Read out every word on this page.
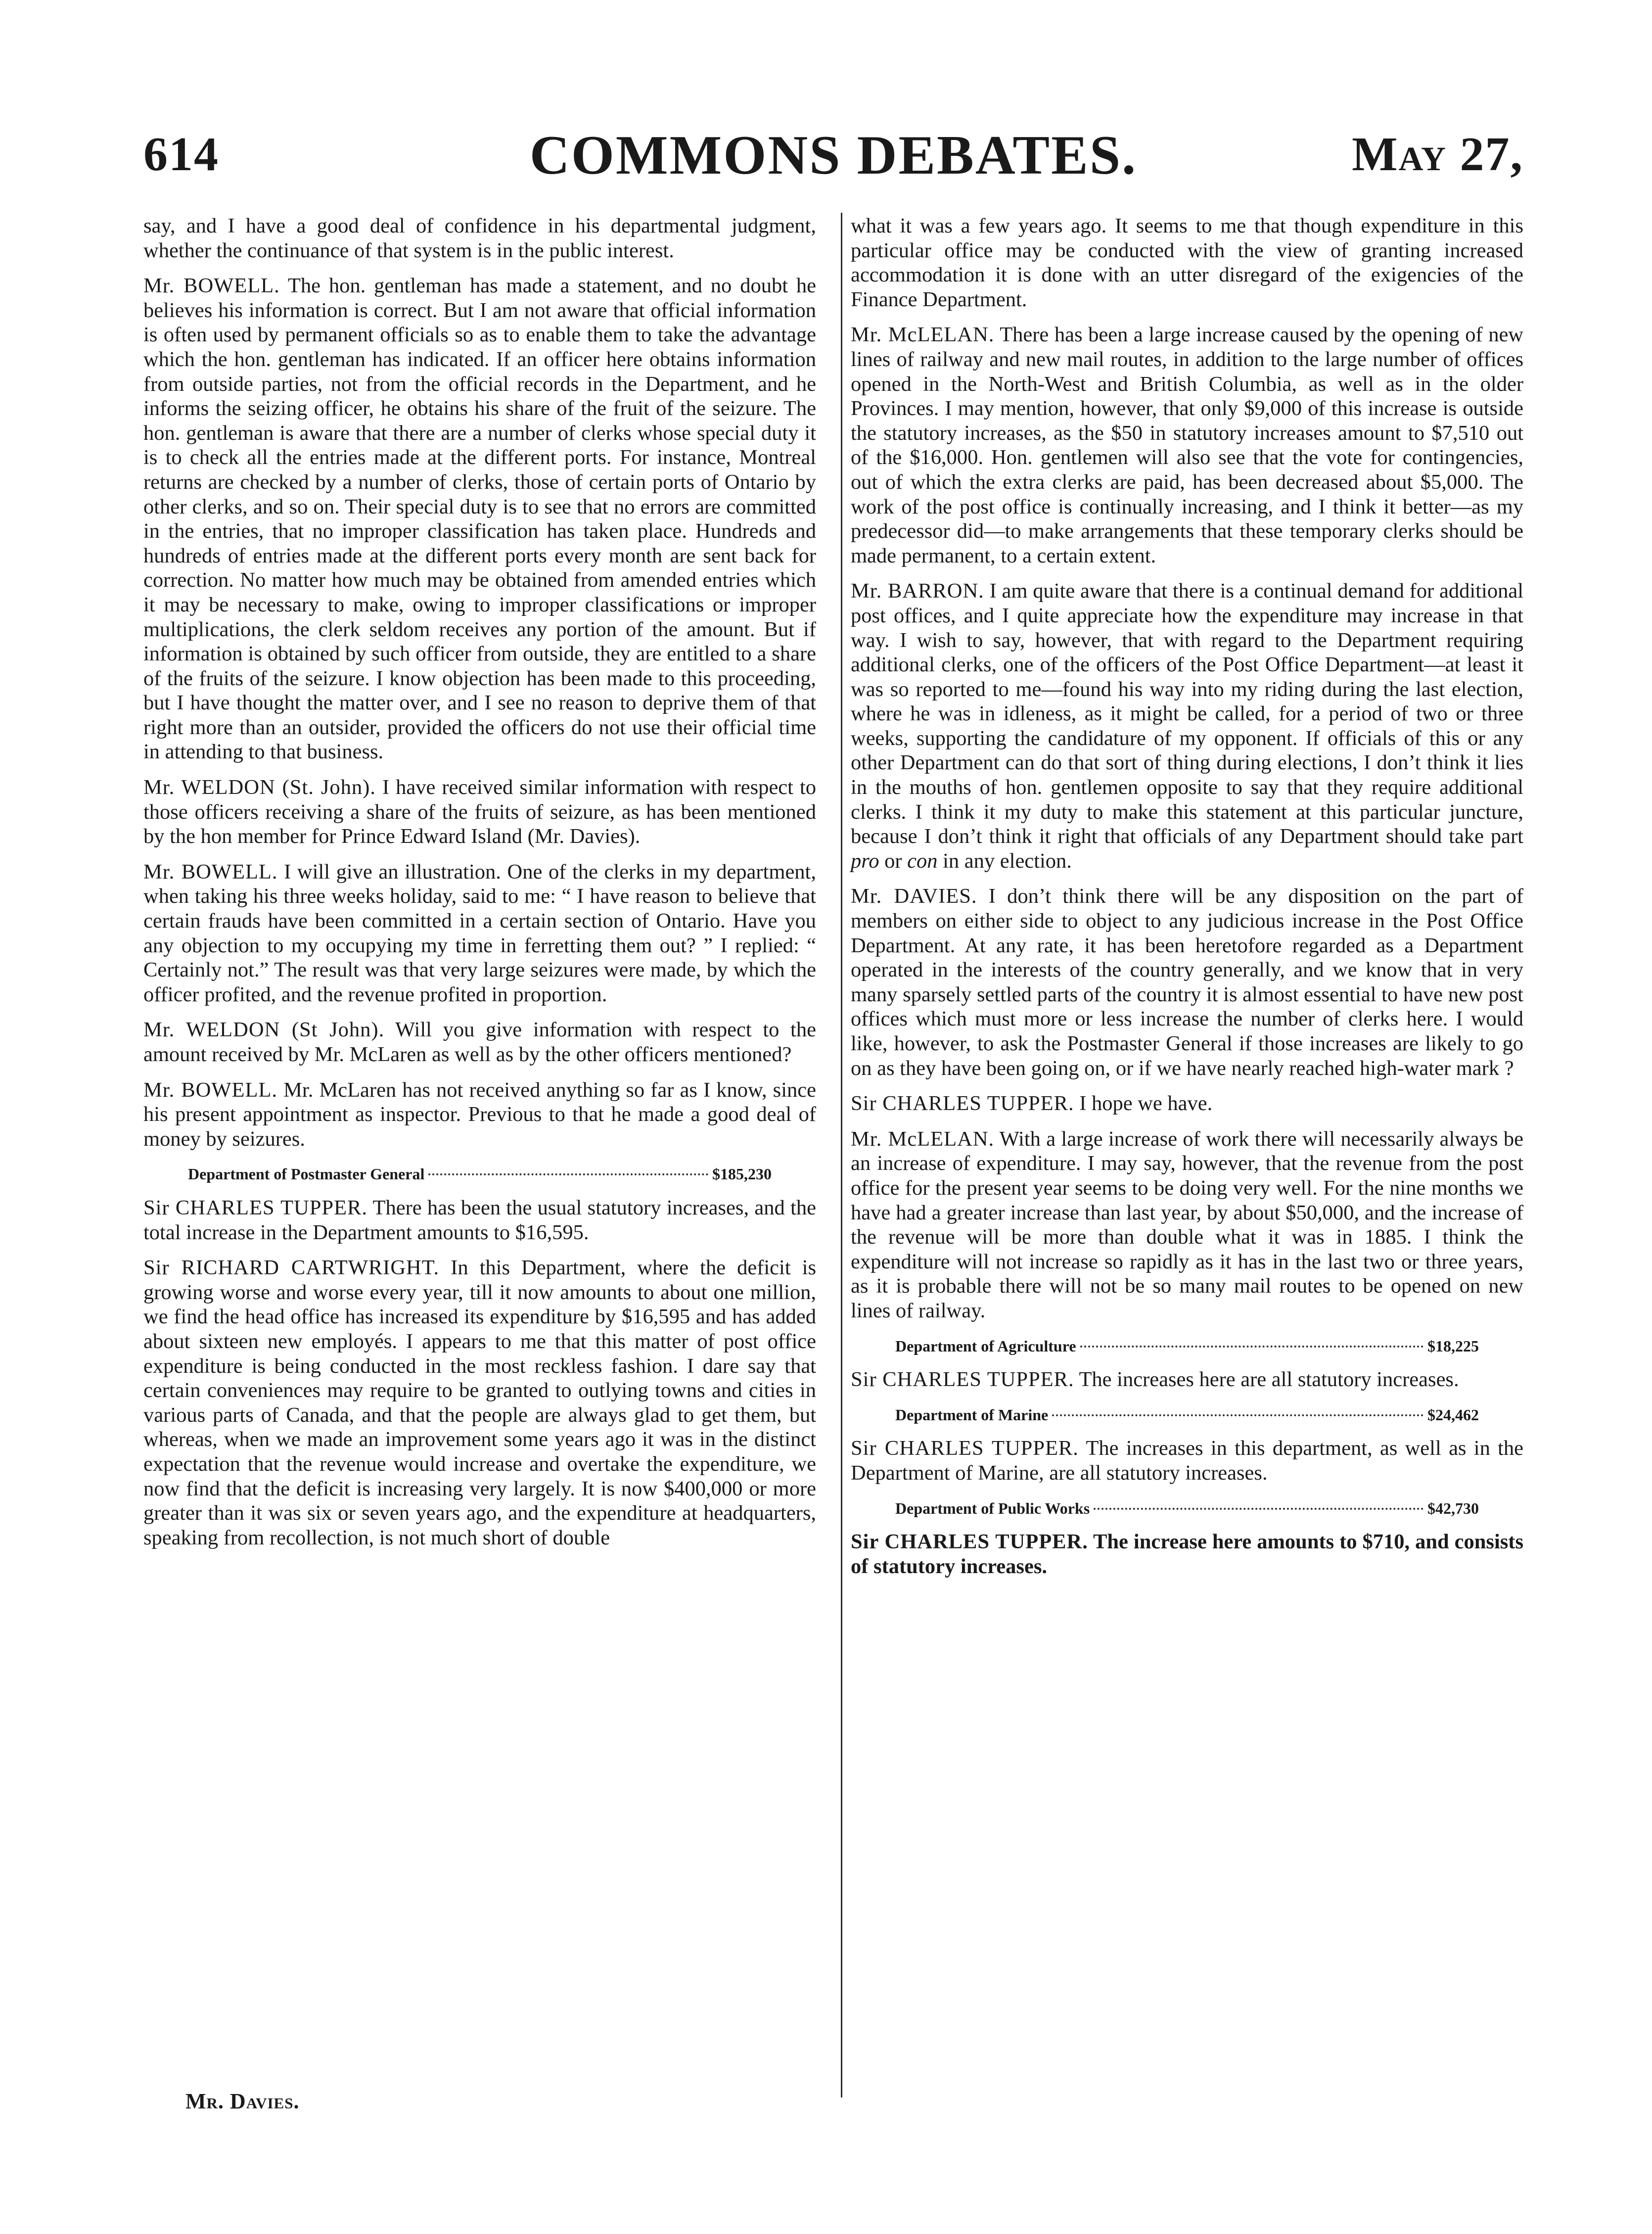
614	COMMONS DEBATES.	May 27,

say, and I have a good deal of confidence in his departmental judgment, whether the continuance of that system is in the public interest.

Mr. BOWELL. The hon. gentleman has made a statement, and no doubt he believes his information is correct. But I am not aware that official information is often used by permanent officials so as to enable them to take the advantage which the hon. gentleman has indicated. If an officer here obtains information from outside parties, not from the official records in the Department, and he informs the seizing officer, he obtains his share of the fruit of the seizure. The hon. gentleman is aware that there are a number of clerks whose special duty it is to check all the entries made at the different ports. For instance, Montreal returns are checked by a number of clerks, those of certain ports of Ontario by other clerks, and so on. Their special duty is to see that no errors are committed in the entries, that no improper classification has taken place. Hundreds and hundreds of entries made at the different ports every month are sent back for correction. No matter how much may be obtained from amended entries which it may be necessary to make, owing to improper classifications or improper multiplications, the clerk seldom receives any portion of the amount. But if information is obtained by such officer from outside, they are entitled to a share of the fruits of the seizure. I know objection has been made to this proceeding, but I have thought the matter over, and I see no reason to deprive them of that right more than an outsider, provided the officers do not use their official time in attending to that business.

Mr. WELDON (St. John). I have received similar information with respect to those officers receiving a share of the fruits of seizure, as has been mentioned by the hon member for Prince Edward Island (Mr. Davies).

Mr. BOWELL. I will give an illustration. One of the clerks in my department, when taking his three weeks holiday, said to me: “ I have reason to believe that certain frauds have been committed in a certain section of Ontario. Have you any objection to my occupying my time in ferretting them out? ” I replied: “ Certainly not.” The result was that very large seizures were made, by which the officer profited, and the revenue profited in proportion.

Mr. WELDON (St John). Will you give information with respect to the amount received by Mr. McLaren as well as by the other officers mentioned?

Mr. BOWELL. Mr. McLaren has not received anything so far as I know, since his present appointment as inspector. Previous to that he made a good deal of money by seizures.

Department of Postmaster General	$185,230

Sir CHARLES TUPPER. There has been the usual statutory increases, and the total increase in the Department amounts to $16,595.

Sir RICHARD CARTWRIGHT. In this Department, where the deficit is growing worse and worse every year, till it now amounts to about one million, we find the head office has increased its expenditure by $16,595 and has added about sixteen new employés. I appears to me that this matter of post office expenditure is being conducted in the most reckless fashion. I dare say that certain conveniences may require to be granted to outlying towns and cities in various parts of Canada, and that the people are always glad to get them, but whereas, when we made an improvement some years ago it was in the distinct expectation that the revenue would increase and overtake the expenditure, we now find that the deficit is increasing very largely. It is now $400,000 or more greater than it was six or seven years ago, and the expenditure at headquarters, speaking from recollection, is not much short of double

what it was a few years ago. It seems to me that though expenditure in this particular office may be conducted with the view of granting increased accommodation it is done with an utter disregard of the exigencies of the Finance Department.

Mr. McLELAN. There has been a large increase caused by the opening of new lines of railway and new mail routes, in addition to the large number of offices opened in the North-West and British Columbia, as well as in the older Provinces. I may mention, however, that only $9,000 of this increase is outside the statutory increases, as the $50 in statutory increases amount to $7,510 out of the $16,000. Hon. gentlemen will also see that the vote for contingencies, out of which the extra clerks are paid, has been decreased about $5,000. The work of the post office is continually increasing, and I think it better—as my predecessor did—to make arrangements that these temporary clerks should be made permanent, to a certain extent.

Mr. BARRON. I am quite aware that there is a continual demand for additional post offices, and I quite appreciate how the expenditure may increase in that way. I wish to say, however, that with regard to the Department requiring additional clerks, one of the officers of the Post Office Department—at least it was so reported to me—found his way into my riding during the last election, where he was in idleness, as it might be called, for a period of two or three weeks, supporting the candidature of my opponent. If officials of this or any other Department can do that sort of thing during elections, I don’t think it lies in the mouths of hon. gentlemen opposite to say that they require additional clerks. I think it my duty to make this statement at this particular juncture, because I don’t think it right that officials of any Department should take part pro or con in any election.

Mr. DAVIES. I don’t think there will be any disposition on the part of members on either side to object to any judicious increase in the Post Office Department. At any rate, it has been heretofore regarded as a Department operated in the interests of the country generally, and we know that in very many sparsely settled parts of the country it is almost essential to have new post offices which must more or less increase the number of clerks here. I would like, however, to ask the Postmaster General if those increases are likely to go on as they have been going on, or if we have nearly reached high-water mark ?

Sir CHARLES TUPPER. I hope we have.

Mr. McLELAN. With a large increase of work there will necessarily always be an increase of expenditure. I may say, however, that the revenue from the post office for the present year seems to be doing very well. For the nine months we have had a greater increase than last year, by about $50,000, and the increase of the revenue will be more than double what it was in 1885. I think the expenditure will not increase so rapidly as it has in the last two or three years, as it is probable there will not be so many mail routes to be opened on new lines of railway.

Department of Agriculture	$18,225

Sir CHARLES TUPPER. The increases here are all statutory increases.

Department of Marine	$24,462

Sir CHARLES TUPPER. The increases in this department, as well as in the Department of Marine, are all statutory increases.

Department of Public Works	$42,730

Sir CHARLES TUPPER. The increase here amounts to $710, and consists of statutory increases.

Mr. Davies.
